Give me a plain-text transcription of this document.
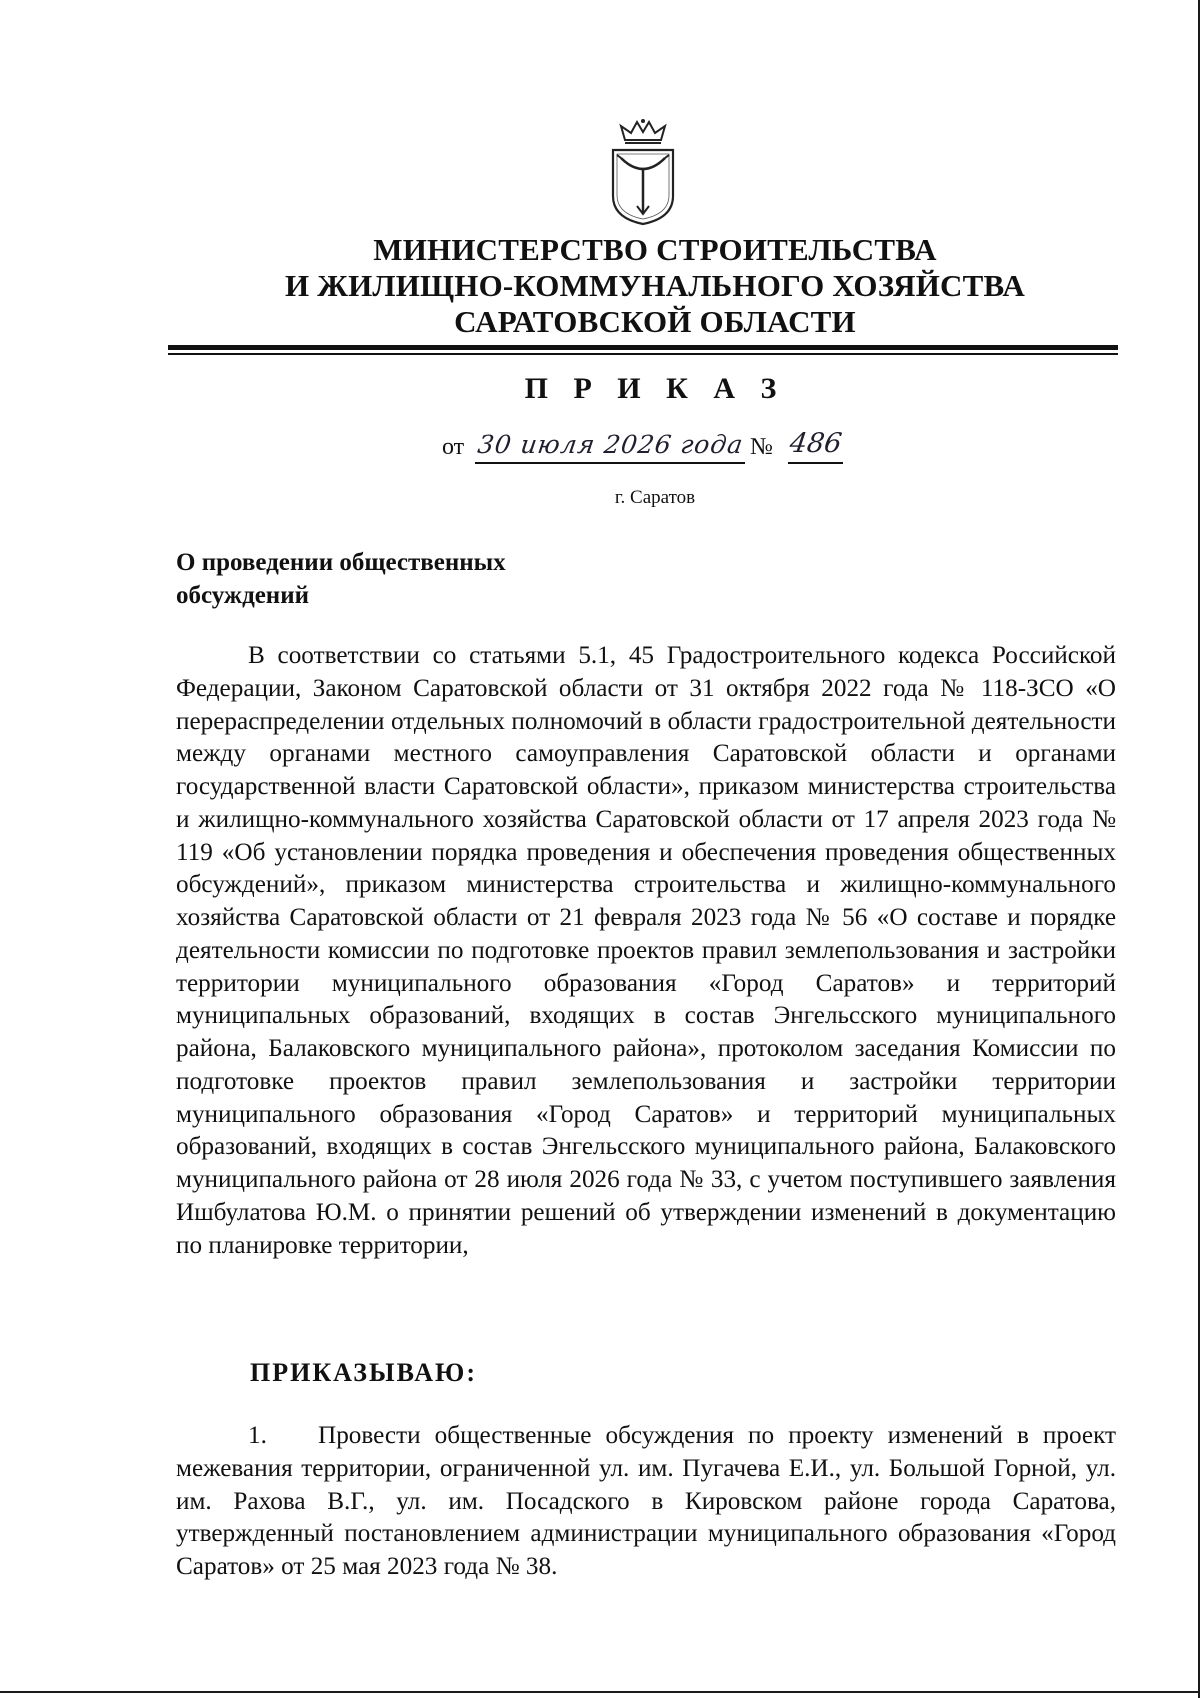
МИНИСТЕРСТВО СТРОИТЕЛЬСТВА
И ЖИЛИЩНО-КОММУНАЛЬНОГО ХОЗЯЙСТВА
САРАТОВСКОЙ ОБЛАСТИ
П Р И К А З
от 30 июля 2026 года № 486
г. Саратов
О проведении общественных
обсуждений

В соответствии со статьями 5.1, 45 Градостроительного кодекса Российской Федерации, Законом Саратовской области от 31 октября 2022 года № 118-ЗСО «О перераспределении отдельных полномочий в области градостроительной деятельности между органами местного самоуправления Саратовской области и органами государственной власти Саратовской области», приказом министерства строительства и жилищно-коммунального хозяйства Саратовской области от 17 апреля 2023 года № 119 «Об установлении порядка проведения и обеспечения проведения общественных обсуждений», приказом министерства строительства и жилищно-коммунального хозяйства Саратовской области от 21 февраля 2023 года № 56 «О составе и порядке деятельности комиссии по подготовке проектов правил землепользования и застройки территории муниципального образования «Город Саратов» и территорий муниципальных образований, входящих в состав Энгельсского муниципального района, Балаковского муниципального района», протоколом заседания Комиссии по подготовке проектов правил землепользования и застройки территории муниципального образования «Город Саратов» и территорий муниципальных образований, входящих в состав Энгельсского муниципального района, Балаковского муниципального района от 28 июля 2026 года № 33, с учетом поступившего заявления Ишбулатова Ю.М. о принятии решений об утверждении изменений в документацию по планировке территории,

ПРИКАЗЫВАЮ:

1. Провести общественные обсуждения по проекту изменений в проект межевания территории, ограниченной ул. им. Пугачева Е.И., ул. Большой Горной, ул. им. Рахова В.Г., ул. им. Посадского в Кировском районе города Саратова, утвержденный постановлением администрации муниципального образования «Город Саратов» от 25 мая 2023 года № 38.
